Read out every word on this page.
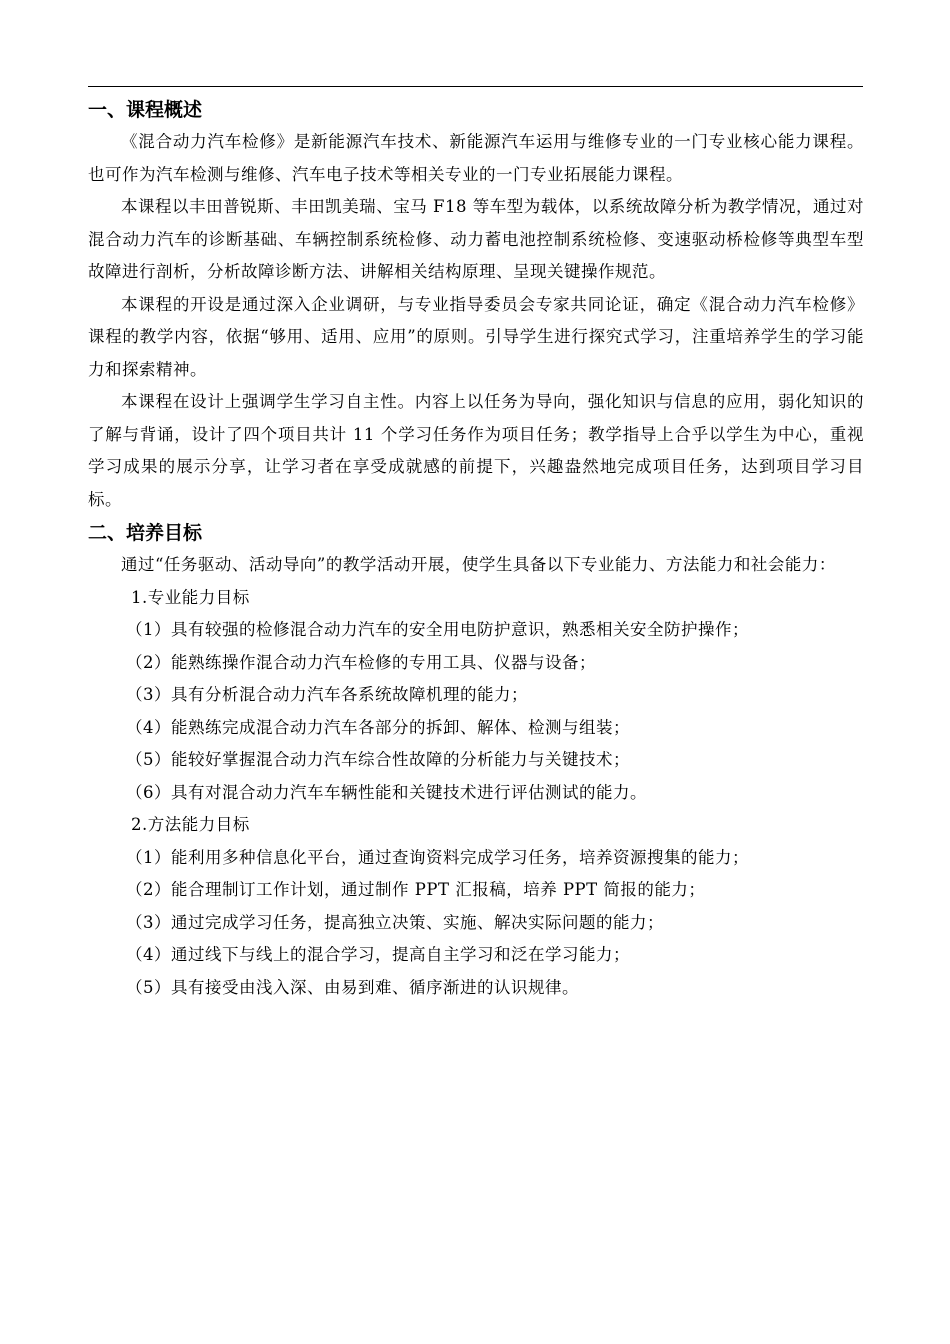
一、课程概述

《混合动力汽车检修》是新能源汽车技术、新能源汽车运用与维修专业的一门专业核心能力课程。也可作为汽车检测与维修、汽车电子技术等相关专业的一门专业拓展能力课程。

本课程以丰田普锐斯、丰田凯美瑞、宝马 F18 等车型为载体，以系统故障分析为教学情况，通过对混合动力汽车的诊断基础、车辆控制系统检修、动力蓄电池控制系统检修、变速驱动桥检修等典型车型故障进行剖析，分析故障诊断方法、讲解相关结构原理、呈现关键操作规范。

本课程的开设是通过深入企业调研，与专业指导委员会专家共同论证，确定《混合动力汽车检修》课程的教学内容，依据“够用、适用、应用”的原则。引导学生进行探究式学习，注重培养学生的学习能力和探索精神。

本课程在设计上强调学生学习自主性。内容上以任务为导向，强化知识与信息的应用，弱化知识的了解与背诵，设计了四个项目共计 11 个学习任务作为项目任务；教学指导上合乎以学生为中心，重视学习成果的展示分享，让学习者在享受成就感的前提下，兴趣盎然地完成项目任务，达到项目学习目标。

二、培养目标

通过“任务驱动、活动导向”的教学活动开展，使学生具备以下专业能力、方法能力和社会能力：

1.专业能力目标

（1）具有较强的检修混合动力汽车的安全用电防护意识，熟悉相关安全防护操作；

（2）能熟练操作混合动力汽车检修的专用工具、仪器与设备；

（3）具有分析混合动力汽车各系统故障机理的能力；

（4）能熟练完成混合动力汽车各部分的拆卸、解体、检测与组装；

（5）能较好掌握混合动力汽车综合性故障的分析能力与关键技术；

（6）具有对混合动力汽车车辆性能和关键技术进行评估测试的能力。

2.方法能力目标

（1）能利用多种信息化平台，通过查询资料完成学习任务，培养资源搜集的能力；

（2）能合理制订工作计划，通过制作 PPT 汇报稿，培养 PPT 简报的能力；

（3）通过完成学习任务，提高独立决策、实施、解决实际问题的能力；

（4）通过线下与线上的混合学习，提高自主学习和泛在学习能力；

（5）具有接受由浅入深、由易到难、循序渐进的认识规律。
